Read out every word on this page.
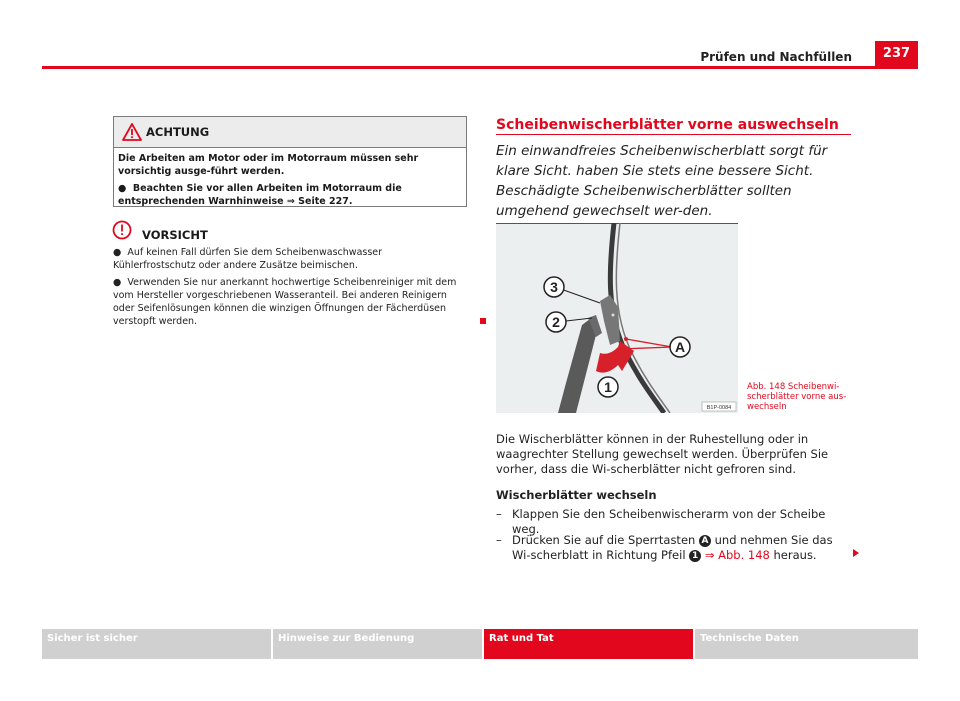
Prüfen und Nachfüllen	237
ACHTUNG

Die Arbeiten am Motor oder im Motorraum müssen sehr vorsichtig ausge-führt werden.

●  Beachten Sie vor allen Arbeiten im Motorraum die entsprechenden Warnhinweise ⇒ Seite 227.

VORSICHT

●  Auf keinen Fall dürfen Sie dem Scheibenwaschwasser Kühlerfrostschutz oder andere Zusätze beimischen.

●  Verwenden Sie nur anerkannt hochwertige Scheibenreiniger mit dem vom Hersteller vorgeschriebenen Wasseranteil. Bei anderen Reinigern oder Seifenlösungen können die winzigen Öffnungen der Fächerdüsen verstopft werden.

Scheibenwischerblätter vorne auswechseln
Ein einwandfreies Scheibenwischerblatt sorgt für klare Sicht. haben Sie stets eine bessere Sicht. Beschädigte Scheibenwischerblätter sollten umgehend gewechselt wer-den.
3
2
A
1
B1P-0084
Abb. 148 Scheibenwi-scherblätter vorne aus-wechseln
Die Wischerblätter können in der Ruhestellung oder in waagrechter Stellung gewechselt werden. Überprüfen Sie vorher, dass die Wi-scherblätter nicht gefroren sind.
Wischerblätter wechseln
– Klappen Sie den Scheibenwischerarm von der Scheibe weg.
– Drücken Sie auf die Sperrtasten A und nehmen Sie das Wi-scherblatt in Richtung Pfeil 1 ⇒ Abb. 148 heraus.
Sicher ist sicher	Hinweise zur Bedienung	Rat und Tat	Technische Daten
